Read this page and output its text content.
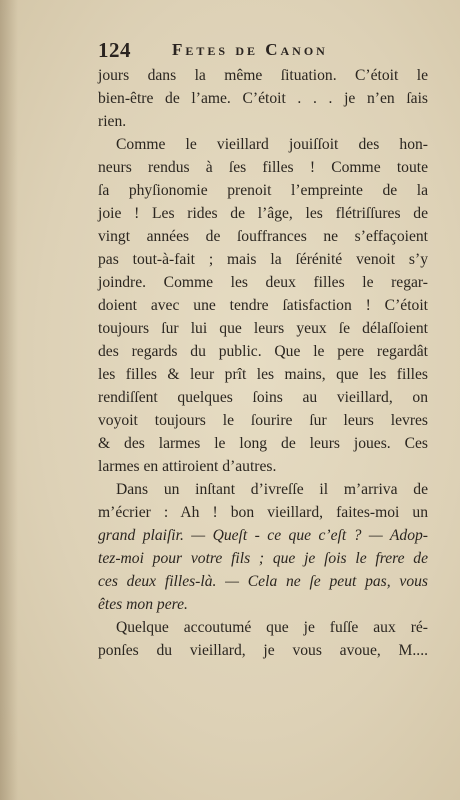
124 Fetes de Canon
jours dans la même ſituation. C’étoit le
bien-être de l’ame. C’étoit . . . je n’en ſais
rien.
Comme le vieillard jouiſſoit des hon-
neurs rendus à ſes filles ! Comme toute
ſa phyſionomie prenoit l’empreinte de la
joie ! Les rides de l’âge, les flétriſſures de
vingt années de ſouffrances ne s’effaçoient
pas tout-à-fait ; mais la ſérénité venoit s’y
joindre. Comme les deux filles le regar-
doient avec une tendre ſatisfaction ! C’étoit
toujours ſur lui que leurs yeux ſe délaſſoient
des regards du public. Que le pere regardât
les filles & leur prît les mains, que les filles
rendiſſent quelques ſoins au vieillard, on
voyoit toujours le ſourire ſur leurs levres
& des larmes le long de leurs joues. Ces
larmes en attiroient d’autres.
Dans un inſtant d’ivreſſe il m’arriva de
m’écrier : Ah ! bon vieillard, faites-moi un
grand plaiſir. — Queſt - ce que c’eſt ? — Adop-
tez-moi pour votre fils ; que je ſois le frere de
ces deux filles-là. — Cela ne ſe peut pas, vous
êtes mon pere.
Quelque accoutumé que je fuſſe aux ré-
ponſes du vieillard, je vous avoue, M....
